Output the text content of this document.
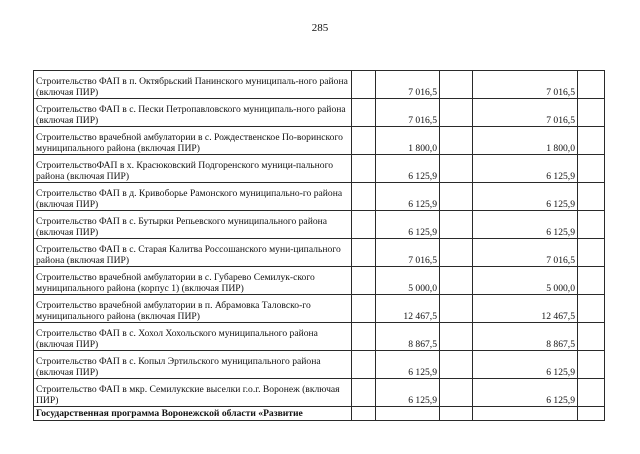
285
Строительство ФАП в п. Октябрьский Панинского муниципаль-ного района (включая ПИР)		7 016,5		7 016,5	
Строительство ФАП в с. Пески Петропавловского муниципаль-ного района (включая ПИР)		7 016,5		7 016,5	
Строительство врачебной амбулатории в с. Рождественское По-воринского муниципального района (включая ПИР)		1 800,0		1 800,0	
СтроительствоФАП в х. Красюковский Подгоренского муници-пального района (включая ПИР)		6 125,9		6 125,9	
Строительство ФАП в д. Кривоборье Рамонского муниципально-го района (включая ПИР)		6 125,9		6 125,9	
Строительство ФАП в с. Бутырки Репьевского муниципального района (включая ПИР)		6 125,9		6 125,9	
Строительство ФАП в с. Старая Калитва Россошанского муни-ципального района (включая ПИР)		7 016,5		7 016,5	
Строительство врачебной амбулатории в с. Губарево Семилук-ского муниципального района (корпус 1) (включая ПИР)		5 000,0		5 000,0	
Строительство врачебной амбулатории в п. Абрамовка Таловско-го муниципального района (включая ПИР)		12 467,5		12 467,5	
Строительство ФАП в с. Хохол Хохольского муниципального района (включая ПИР)		8 867,5		8 867,5	
Строительство ФАП в с. Копыл Эртильского муниципального района (включая ПИР)		6 125,9		6 125,9	
Строительство ФАП в мкр. Семилукские выселки г.о.г. Воронеж (включая ПИР)		6 125,9		6 125,9	
Государственная программа Воронежской области «Развитие					
